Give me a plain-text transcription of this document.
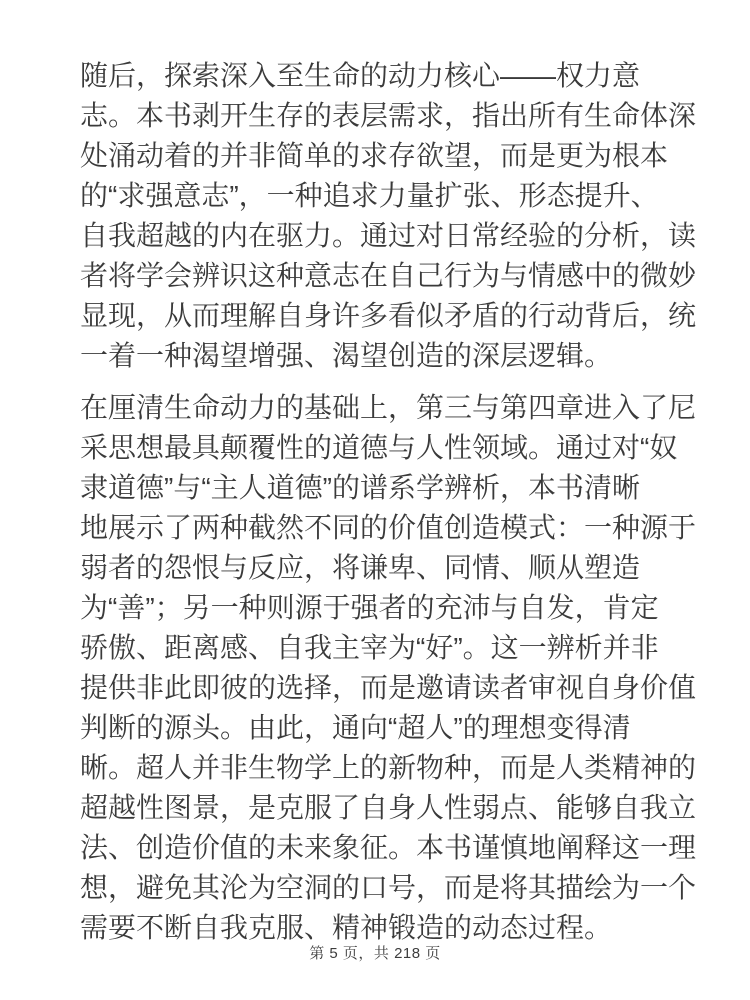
随后，探索深入至生命的动力核心——权力意
志。本书剥开生存的表层需求，指出所有生命体深
处涌动着的并非简单的求存欲望，而是更为根本
的“求强意志”，一种追求力量扩张、形态提升、
自我超越的内在驱力。通过对日常经验的分析，读
者将学会辨识这种意志在自己行为与情感中的微妙
显现，从而理解自身许多看似矛盾的行动背后，统
一着一种渴望增强、渴望创造的深层逻辑。

在厘清生命动力的基础上，第三与第四章进入了尼
采思想最具颠覆性的道德与人性领域。通过对“奴
隶道德”与“主人道德”的谱系学辨析，本书清晰
地展示了两种截然不同的价值创造模式：一种源于
弱者的怨恨与反应，将谦卑、同情、顺从塑造
为“善”；另一种则源于强者的充沛与自发，肯定
骄傲、距离感、自我主宰为“好”。这一辨析并非
提供非此即彼的选择，而是邀请读者审视自身价值
判断的源头。由此，通向“超人”的理想变得清
晰。超人并非生物学上的新物种，而是人类精神的
超越性图景，是克服了自身人性弱点、能够自我立
法、创造价值的未来象征。本书谨慎地阐释这一理
想，避免其沦为空洞的口号，而是将其描绘为一个
需要不断自我克服、精神锻造的动态过程。

第 5 页，共 218 页
